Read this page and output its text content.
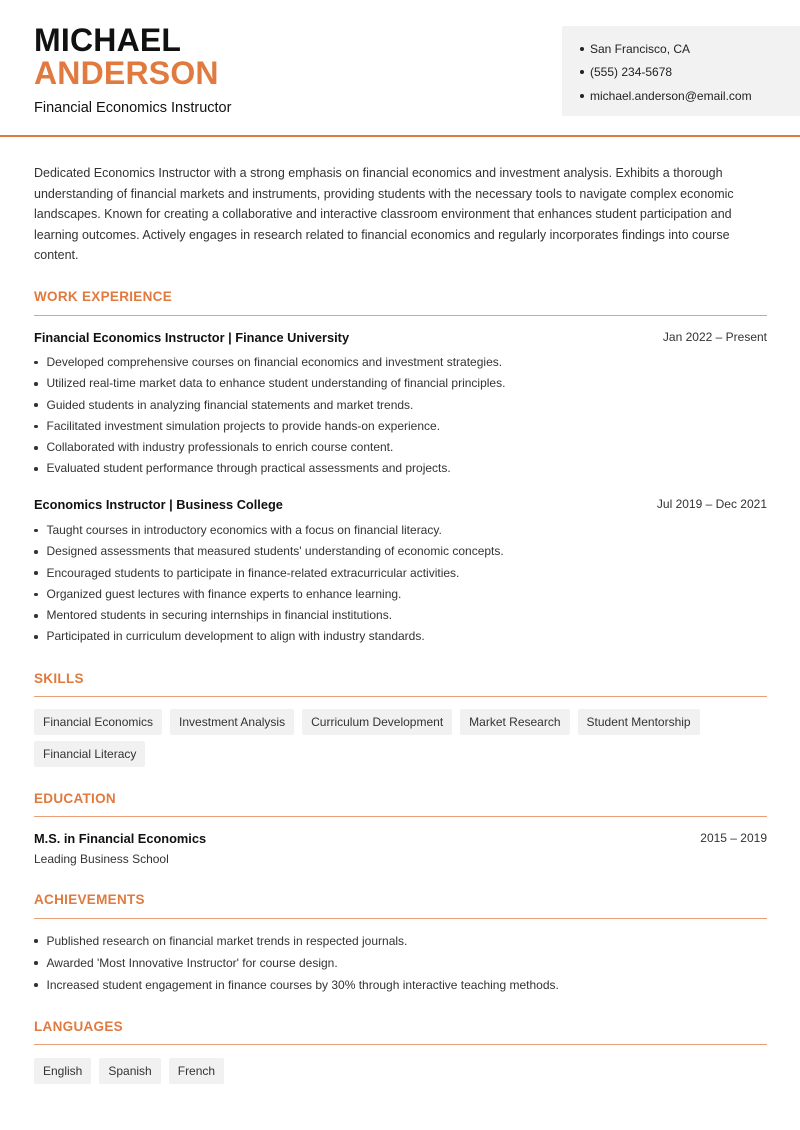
MICHAEL
ANDERSON
Financial Economics Instructor
San Francisco, CA
(555) 234-5678
michael.anderson@email.com

Dedicated Economics Instructor with a strong emphasis on financial economics and investment analysis. Exhibits a thorough understanding of financial markets and instruments, providing students with the necessary tools to navigate complex economic landscapes. Known for creating a collaborative and interactive classroom environment that enhances student participation and learning outcomes. Actively engages in research related to financial economics and regularly incorporates findings into course content.

WORK EXPERIENCE
Financial Economics Instructor | Finance University	Jan 2022 – Present
Developed comprehensive courses on financial economics and investment strategies.
Utilized real-time market data to enhance student understanding of financial principles.
Guided students in analyzing financial statements and market trends.
Facilitated investment simulation projects to provide hands-on experience.
Collaborated with industry professionals to enrich course content.
Evaluated student performance through practical assessments and projects.
Economics Instructor | Business College	Jul 2019 – Dec 2021
Taught courses in introductory economics with a focus on financial literacy.
Designed assessments that measured students' understanding of economic concepts.
Encouraged students to participate in finance-related extracurricular activities.
Organized guest lectures with finance experts to enhance learning.
Mentored students in securing internships in financial institutions.
Participated in curriculum development to align with industry standards.
SKILLS
Financial Economics	Investment Analysis	Curriculum Development	Market Research	Student Mentorship
Financial Literacy
EDUCATION
M.S. in Financial Economics	2015 – 2019
Leading Business School
ACHIEVEMENTS
Published research on financial market trends in respected journals.
Awarded 'Most Innovative Instructor' for course design.
Increased student engagement in finance courses by 30% through interactive teaching methods.
LANGUAGES
English	Spanish	French
